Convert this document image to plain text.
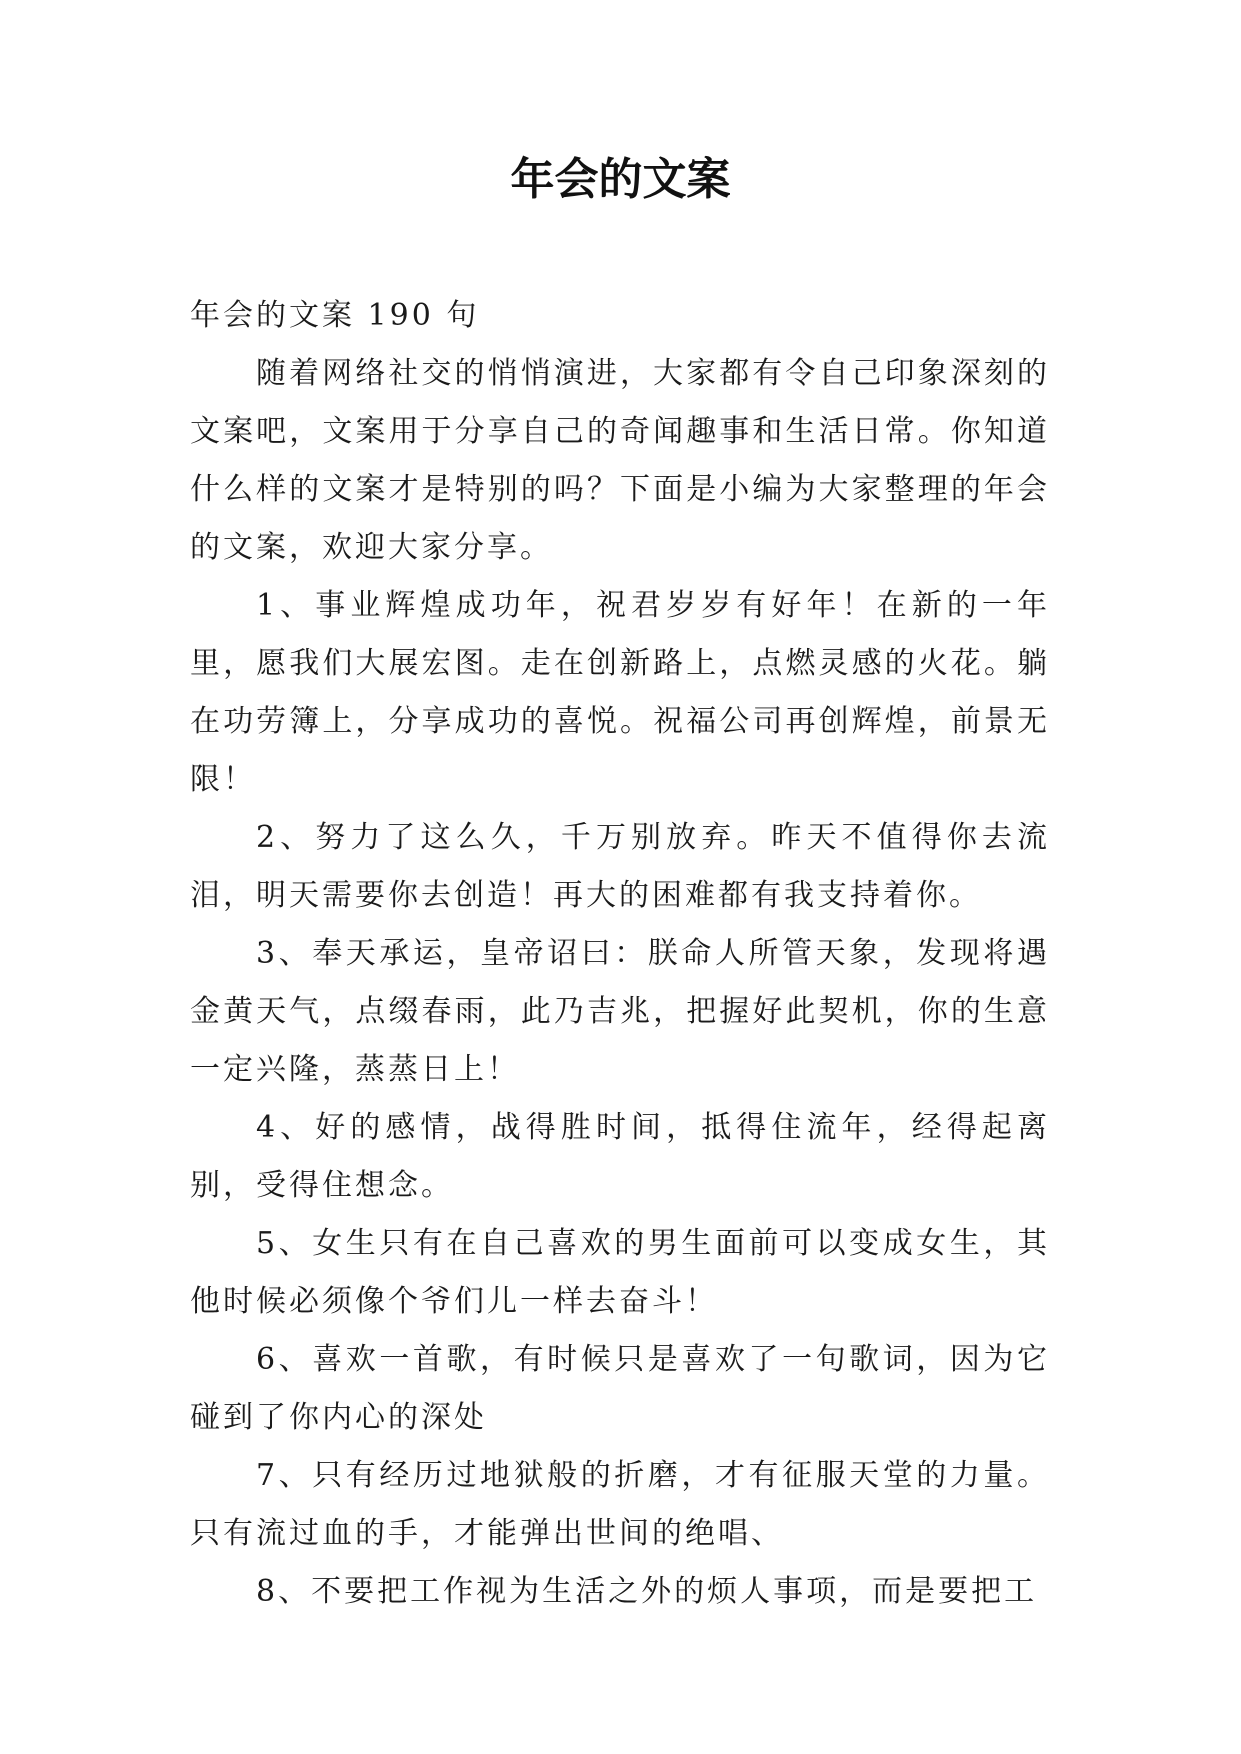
年会的文案

年会的文案 190 句

随着网络社交的悄悄演进，大家都有令自己印象深刻的文案吧，文案用于分享自己的奇闻趣事和生活日常。你知道什么样的文案才是特别的吗？下面是小编为大家整理的年会的文案，欢迎大家分享。

1、事业辉煌成功年，祝君岁岁有好年！在新的一年里，愿我们大展宏图。走在创新路上，点燃灵感的火花。躺在功劳簿上，分享成功的喜悦。祝福公司再创辉煌，前景无限！

2、努力了这么久，千万别放弃。昨天不值得你去流泪，明天需要你去创造！再大的困难都有我支持着你。

3、奉天承运，皇帝诏曰：朕命人所管天象，发现将遇金黄天气，点缀春雨，此乃吉兆，把握好此契机，你的生意一定兴隆，蒸蒸日上！

4、好的感情，战得胜时间，抵得住流年，经得起离别，受得住想念。

5、女生只有在自己喜欢的男生面前可以变成女生，其他时候必须像个爷们儿一样去奋斗！

6、喜欢一首歌，有时候只是喜欢了一句歌词，因为它碰到了你内心的深处

7、只有经历过地狱般的折磨，才有征服天堂的力量。只有流过血的手，才能弹出世间的绝唱、

8、不要把工作视为生活之外的烦人事项，而是要把工
